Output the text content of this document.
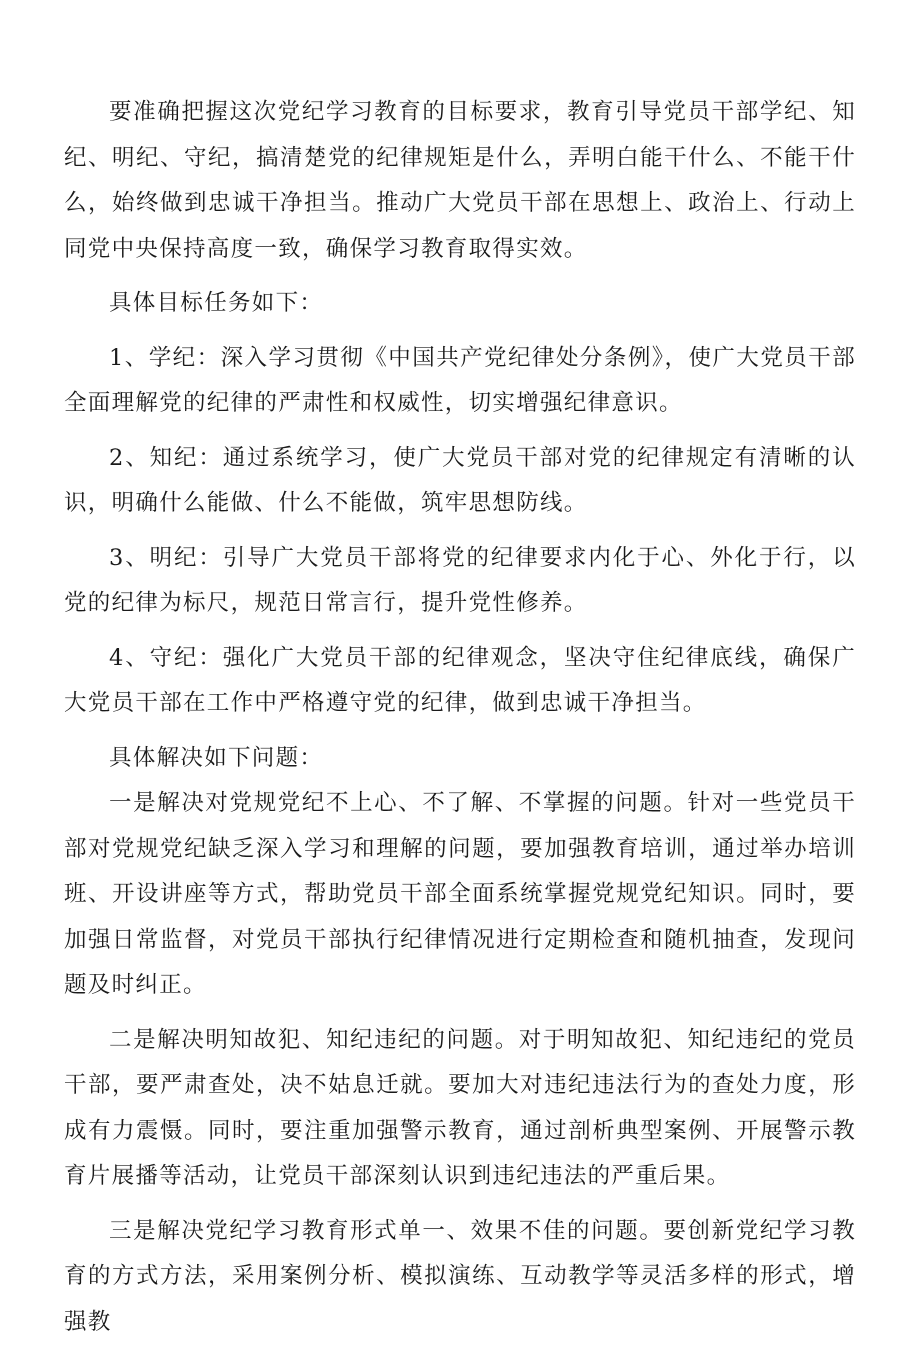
要准确把握这次党纪学习教育的目标要求，教育引导党员干部学纪、知纪、明纪、守纪，搞清楚党的纪律规矩是什么，弄明白能干什么、不能干什么，始终做到忠诚干净担当。推动广大党员干部在思想上、政治上、行动上同党中央保持高度一致，确保学习教育取得实效。

具体目标任务如下：

1、学纪：深入学习贯彻《中国共产党纪律处分条例》，使广大党员干部全面理解党的纪律的严肃性和权威性，切实增强纪律意识。

2、知纪：通过系统学习，使广大党员干部对党的纪律规定有清晰的认识，明确什么能做、什么不能做，筑牢思想防线。

3、明纪：引导广大党员干部将党的纪律要求内化于心、外化于行，以党的纪律为标尺，规范日常言行，提升党性修养。

4、守纪：强化广大党员干部的纪律观念，坚决守住纪律底线，确保广大党员干部在工作中严格遵守党的纪律，做到忠诚干净担当。

具体解决如下问题：

一是解决对党规党纪不上心、不了解、不掌握的问题。针对一些党员干部对党规党纪缺乏深入学习和理解的问题，要加强教育培训，通过举办培训班、开设讲座等方式，帮助党员干部全面系统掌握党规党纪知识。同时，要加强日常监督，对党员干部执行纪律情况进行定期检查和随机抽查，发现问题及时纠正。

二是解决明知故犯、知纪违纪的问题。对于明知故犯、知纪违纪的党员干部，要严肃查处，决不姑息迁就。要加大对违纪违法行为的查处力度，形成有力震慑。同时，要注重加强警示教育，通过剖析典型案例、开展警示教育片展播等活动，让党员干部深刻认识到违纪违法的严重后果。

三是解决党纪学习教育形式单一、效果不佳的问题。要创新党纪学习教育的方式方法，采用案例分析、模拟演练、互动教学等灵活多样的形式，增强教
